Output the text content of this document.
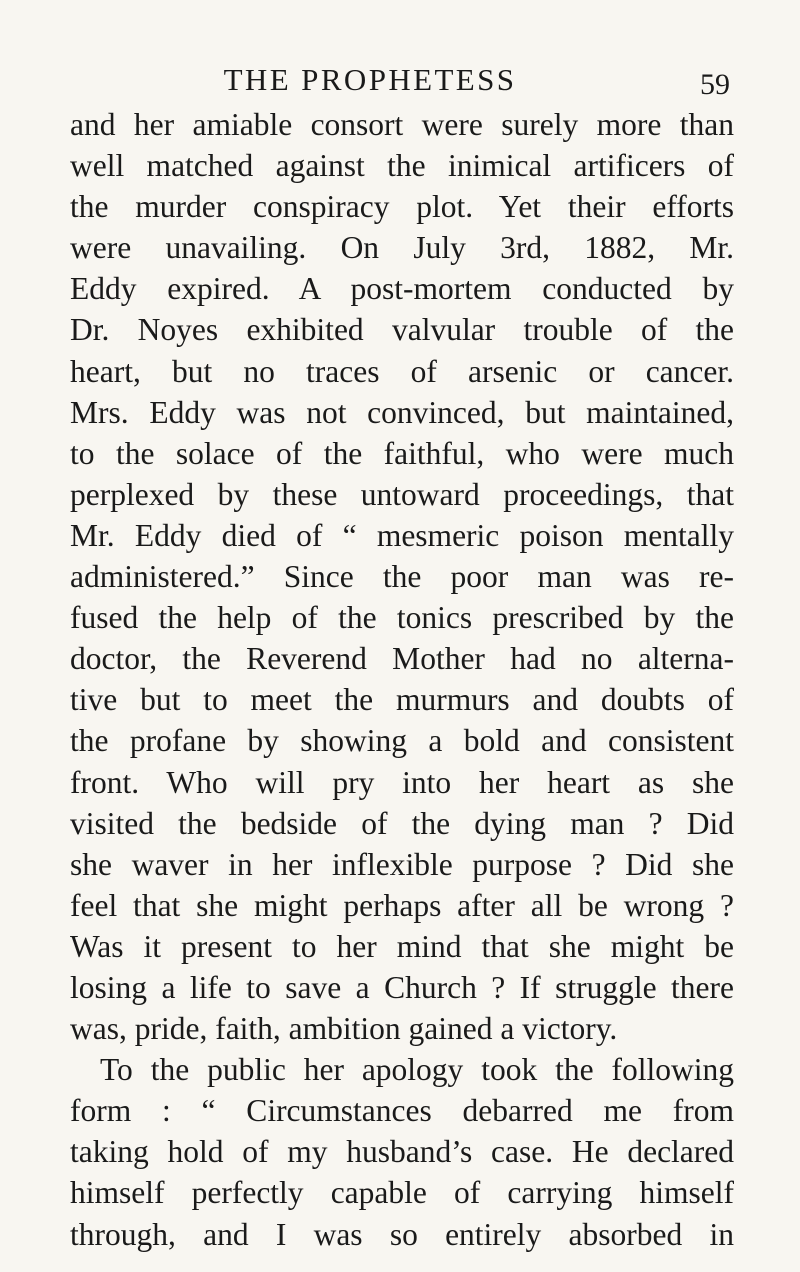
THE PROPHETESS	59
and her amiable consort were surely more than
well matched against the inimical artificers of
the murder conspiracy plot. Yet their efforts
were unavailing. On July 3rd, 1882, Mr.
Eddy expired. A post-mortem conducted by
Dr. Noyes exhibited valvular trouble of the
heart, but no traces of arsenic or cancer.
Mrs. Eddy was not convinced, but maintained,
to the solace of the faithful, who were much
perplexed by these untoward proceedings, that
Mr. Eddy died of “ mesmeric poison mentally
administered.” Since the poor man was re-
fused the help of the tonics prescribed by the
doctor, the Reverend Mother had no alterna-
tive but to meet the murmurs and doubts of
the profane by showing a bold and consistent
front. Who will pry into her heart as she
visited the bedside of the dying man ? Did
she waver in her inflexible purpose ? Did she
feel that she might perhaps after all be wrong ?
Was it present to her mind that she might be
losing a life to save a Church ? If struggle there
was, pride, faith, ambition gained a victory.
To the public her apology took the following
form : “ Circumstances debarred me from
taking hold of my husband’s case. He declared
himself perfectly capable of carrying himself
through, and I was so entirely absorbed in
